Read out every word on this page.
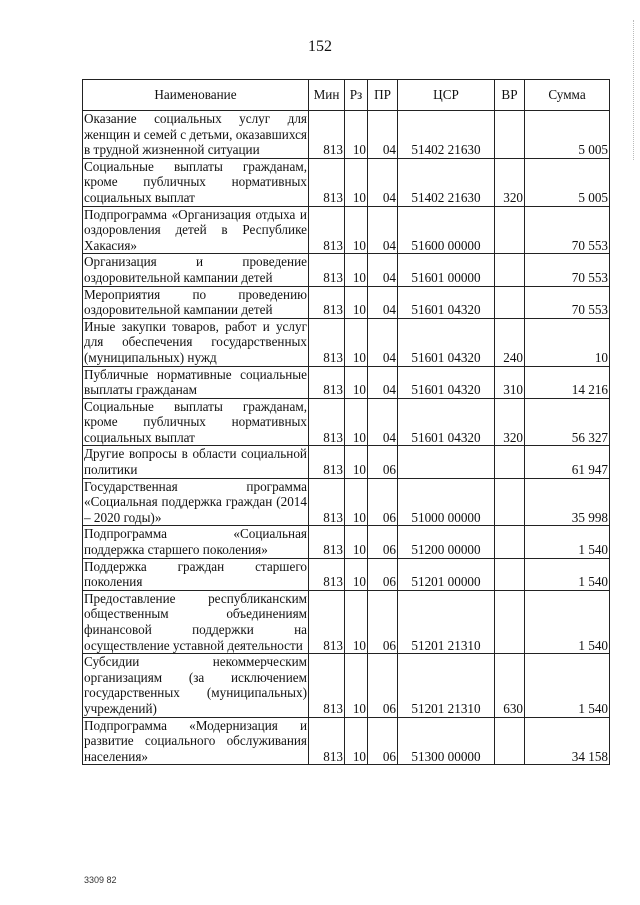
152
Наименование	Мин	Рз	ПР	ЦСР	ВР	Сумма
Оказание социальных услуг для женщин и семей с детьми, оказавшихся в трудной жизненной ситуации	813	10	04	51402 21630		5 005
Социальные выплаты гражданам, кроме публичных нормативных социальных выплат	813	10	04	51402 21630	320	5 005
Подпрограмма «Организация отдыха и оздоровления детей в Республике Хакасия»	813	10	04	51600 00000		70 553
Организация и проведение оздоровительной кампании детей	813	10	04	51601 00000		70 553
Мероприятия по проведению оздоровительной кампании детей	813	10	04	51601 04320		70 553
Иные закупки товаров, работ и услуг для обеспечения государственных (муниципальных) нужд	813	10	04	51601 04320	240	10
Публичные нормативные социальные выплаты гражданам	813	10	04	51601 04320	310	14 216
Социальные выплаты гражданам, кроме публичных нормативных социальных выплат	813	10	04	51601 04320	320	56 327
Другие вопросы в области социальной политики	813	10	06			61 947
Государственная программа «Социальная поддержка граждан (2014 – 2020 годы)»	813	10	06	51000 00000		35 998
Подпрограмма «Социальная поддержка старшего поколения»	813	10	06	51200 00000		1 540
Поддержка граждан старшего поколения	813	10	06	51201 00000		1 540
Предоставление республиканским общественным объединениям финансовой поддержки на осуществление уставной деятельности	813	10	06	51201 21310		1 540
Субсидии некоммерческим организациям (за исключением государственных (муниципальных) учреждений)	813	10	06	51201 21310	630	1 540
Подпрограмма «Модернизация и развитие социального обслуживания населения»	813	10	06	51300 00000		34 158
3309 82
